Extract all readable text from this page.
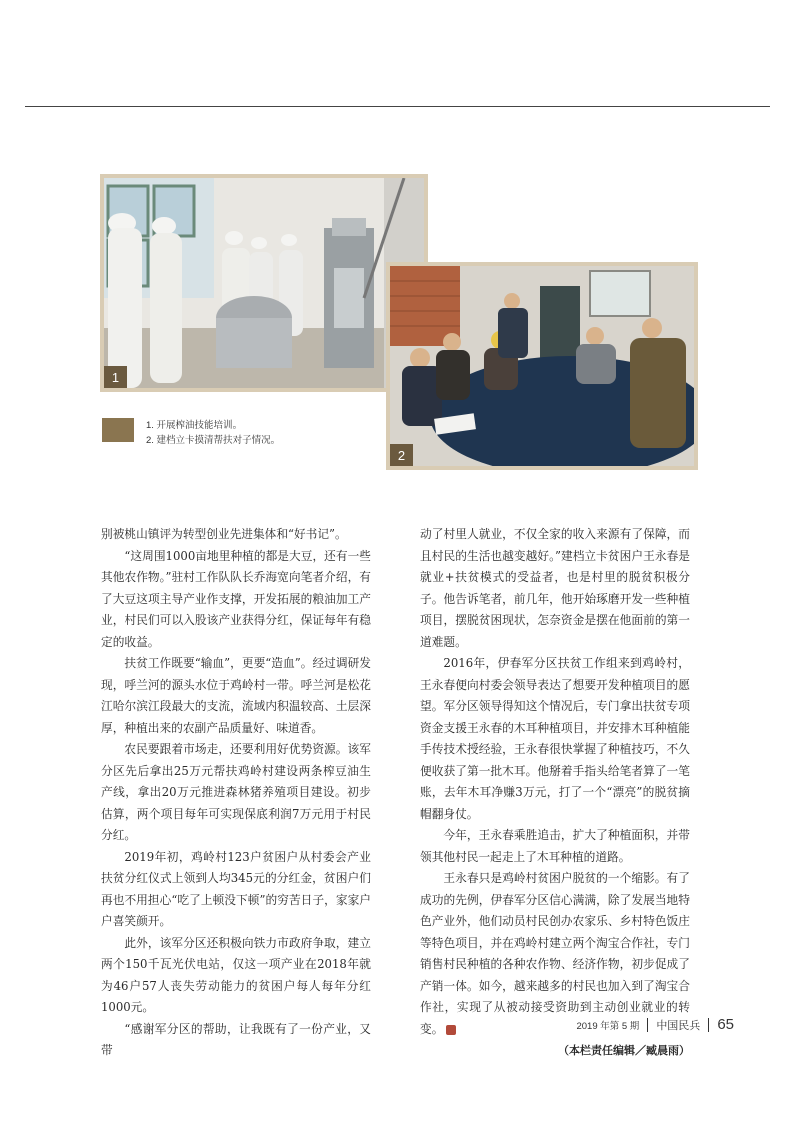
1
2
1. 开展榨油技能培训。
2. 建档立卡摸清帮扶对子情况。

别被桃山镇评为转型创业先进集体和“好书记”。

“这周围1000亩地里种植的都是大豆，还有一些其他农作物。”驻村工作队队长乔海宽向笔者介绍，有了大豆这项主导产业作支撑，开发拓展的粮油加工产业，村民们可以入股该产业获得分红，保证每年有稳定的收益。

扶贫工作既要“输血”，更要“造血”。经过调研发现，呼兰河的源头水位于鸡岭村一带。呼兰河是松花江哈尔滨江段最大的支流，流域内积温较高、土层深厚，种植出来的农副产品质量好、味道香。

农民要跟着市场走，还要利用好优势资源。该军分区先后拿出25万元帮扶鸡岭村建设两条榨豆油生产线，拿出20万元推进森林猪养殖项目建设。初步估算，两个项目每年可实现保底利润7万元用于村民分红。

2019年初，鸡岭村123户贫困户从村委会产业扶贫分红仪式上领到人均345元的分红金，贫困户们再也不用担心“吃了上顿没下顿”的穷苦日子，家家户户喜笑颜开。

此外，该军分区还积极向铁力市政府争取，建立两个150千瓦光伏电站，仅这一项产业在2018年就为46户57人丧失劳动能力的贫困户每人每年分红1000元。

“感谢军分区的帮助，让我既有了一份产业，又带

动了村里人就业，不仅全家的收入来源有了保障，而且村民的生活也越变越好。”建档立卡贫困户王永春是就业+扶贫模式的受益者，也是村里的脱贫积极分子。他告诉笔者，前几年，他开始琢磨开发一些种植项目，摆脱贫困现状，怎奈资金是摆在他面前的第一道难题。

2016年，伊春军分区扶贫工作组来到鸡岭村，王永春便向村委会领导表达了想要开发种植项目的愿望。军分区领导得知这个情况后，专门拿出扶贫专项资金支援王永春的木耳种植项目，并安排木耳种植能手传技术授经验，王永春很快掌握了种植技巧，不久便收获了第一批木耳。他掰着手指头给笔者算了一笔账，去年木耳净赚3万元，打了一个“漂亮”的脱贫摘帽翻身仗。

今年，王永春乘胜追击，扩大了种植面积，并带领其他村民一起走上了木耳种植的道路。

王永春只是鸡岭村贫困户脱贫的一个缩影。有了成功的先例，伊春军分区信心满满，除了发展当地特色产业外，他们动员村民创办农家乐、乡村特色饭庄等特色项目，并在鸡岭村建立两个淘宝合作社，专门销售村民种植的各种农作物、经济作物，初步促成了产销一体。如今，越来越多的村民也加入到了淘宝合作社，实现了从被动接受资助到主动创业就业的转变。

（本栏责任编辑／臧晨雨）
2019 年第 5 期 中国民兵 65
